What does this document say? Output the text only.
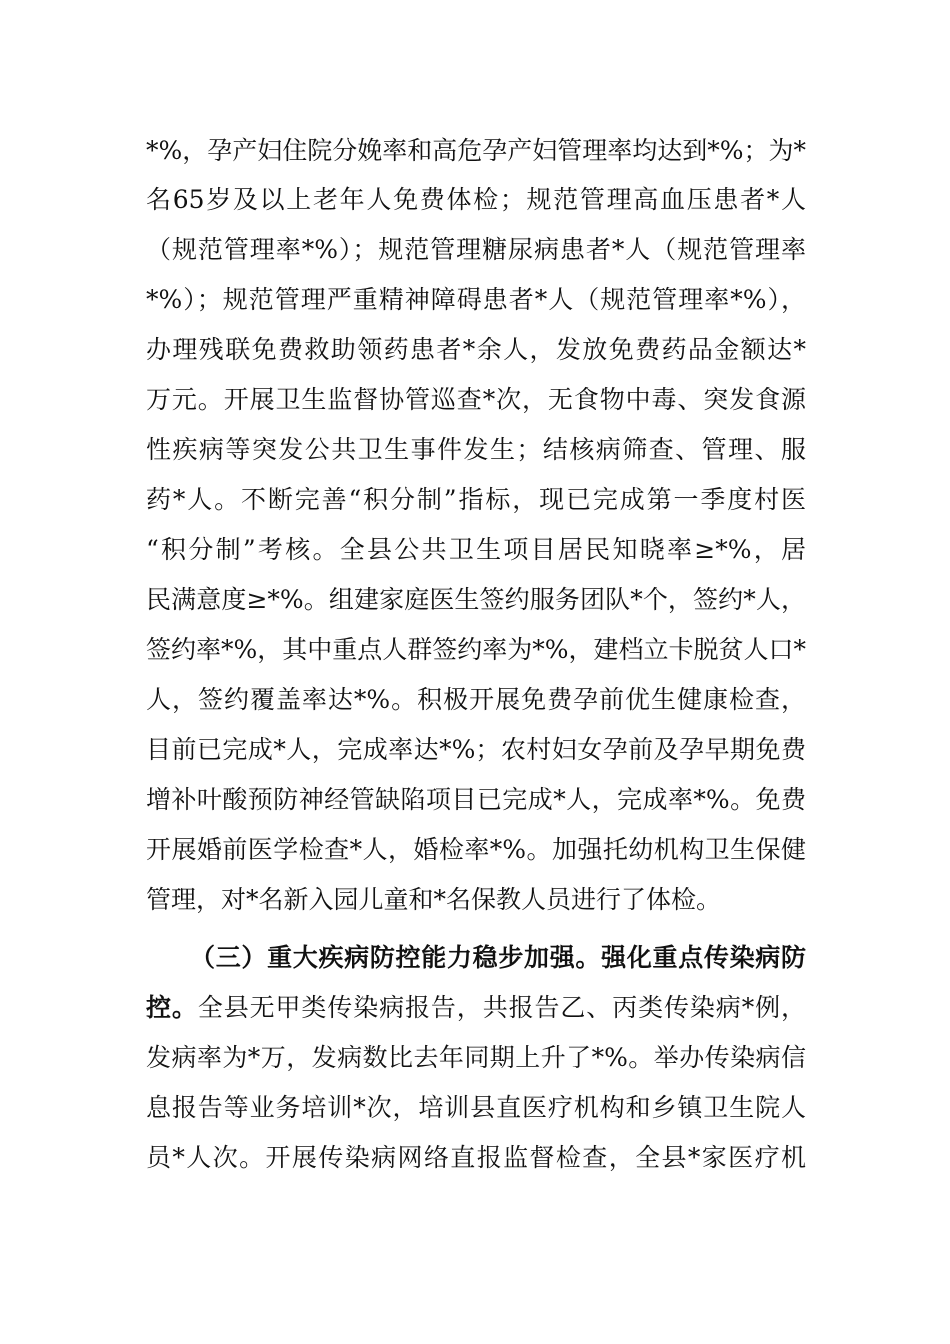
*%，孕产妇住院分娩率和高危孕产妇管理率均达到*%；为*
名65岁及以上老年人免费体检；规范管理高血压患者*人
（规范管理率*%）；规范管理糖尿病患者*人（规范管理率
*%）；规范管理严重精神障碍患者*人（规范管理率*%），
办理残联免费救助领药患者*余人，发放免费药品金额达*
万元。开展卫生监督协管巡查*次，无食物中毒、突发食源
性疾病等突发公共卫生事件发生；结核病筛查、管理、服
药*人。不断完善“积分制”指标，现已完成第一季度村医
“积分制”考核。全县公共卫生项目居民知晓率≥*%，居
民满意度≥*%。组建家庭医生签约服务团队*个，签约*人，
签约率*%，其中重点人群签约率为*%，建档立卡脱贫人口*
人，签约覆盖率达*%。积极开展免费孕前优生健康检查，
目前已完成*人，完成率达*%；农村妇女孕前及孕早期免费
增补叶酸预防神经管缺陷项目已完成*人，完成率*%。免费
开展婚前医学检查*人，婚检率*%。加强托幼机构卫生保健
管理，对*名新入园儿童和*名保教人员进行了体检。
（三）重大疾病防控能力稳步加强。强化重点传染病防
控。全县无甲类传染病报告，共报告乙、丙类传染病*例，
发病率为*万，发病数比去年同期上升了*%。举办传染病信
息报告等业务培训*次，培训县直医疗机构和乡镇卫生院人
员*人次。开展传染病网络直报监督检查，全县*家医疗机
